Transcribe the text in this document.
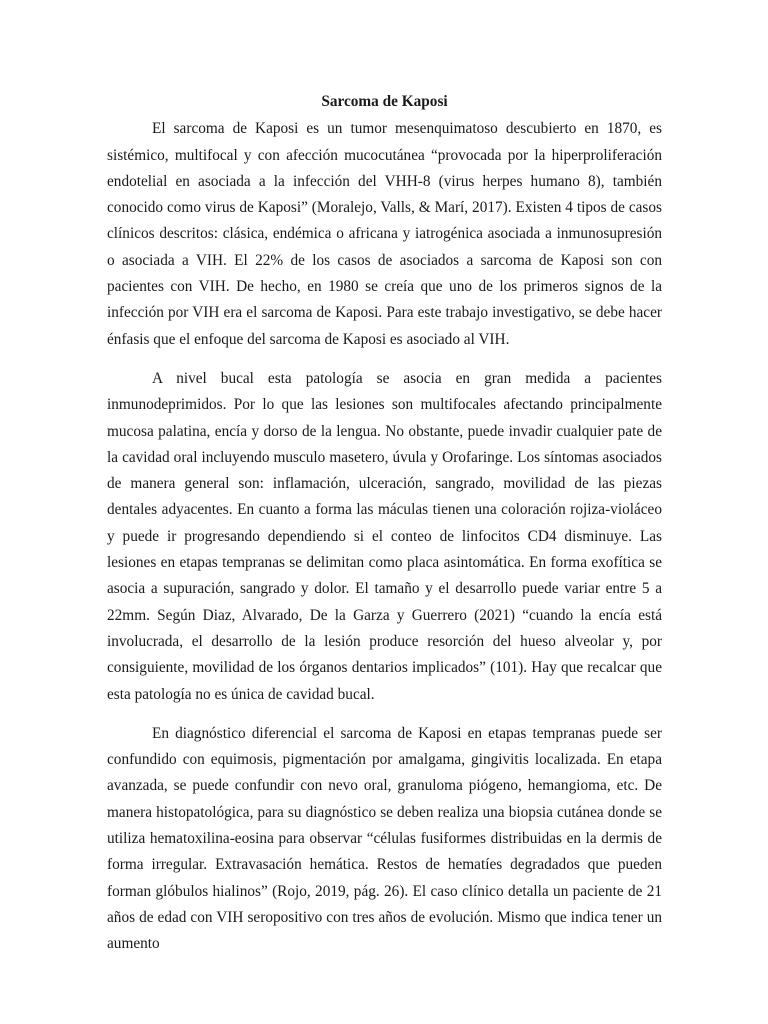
Sarcoma de Kaposi

El sarcoma de Kaposi es un tumor mesenquimatoso descubierto en 1870, es sistémico, multifocal y con afección mucocutánea “provocada por la hiperproliferación endotelial en asociada a la infección del VHH-8 (virus herpes humano 8), también conocido como virus de Kaposi” (Moralejo, Valls, & Marí, 2017). Existen 4 tipos de casos clínicos descritos: clásica, endémica o africana y iatrogénica asociada a inmunosupresión o asociada a VIH. El 22% de los casos de asociados a sarcoma de Kaposi son con pacientes con VIH. De hecho, en 1980 se creía que uno de los primeros signos de la infección por VIH era el sarcoma de Kaposi. Para este trabajo investigativo, se debe hacer énfasis que el enfoque del sarcoma de Kaposi es asociado al VIH.

A nivel bucal esta patología se asocia en gran medida a pacientes inmunodeprimidos. Por lo que las lesiones son multifocales afectando principalmente mucosa palatina, encía y dorso de la lengua. No obstante, puede invadir cualquier pate de la cavidad oral incluyendo musculo masetero, úvula y Orofaringe. Los síntomas asociados de manera general son: inflamación, ulceración, sangrado, movilidad de las piezas dentales adyacentes. En cuanto a forma las máculas tienen una coloración rojiza-violáceo y puede ir progresando dependiendo si el conteo de linfocitos CD4 disminuye. Las lesiones en etapas tempranas se delimitan como placa asintomática. En forma exofítica se asocia a supuración, sangrado y dolor. El tamaño y el desarrollo puede variar entre 5 a 22mm. Según Diaz, Alvarado, De la Garza y Guerrero (2021) “cuando la encía está involucrada, el desarrollo de la lesión produce resorción del hueso alveolar y, por consiguiente, movilidad de los órganos dentarios implicados” (101). Hay que recalcar que esta patología no es única de cavidad bucal.

En diagnóstico diferencial el sarcoma de Kaposi en etapas tempranas puede ser confundido con equimosis, pigmentación por amalgama, gingivitis localizada. En etapa avanzada, se puede confundir con nevo oral, granuloma piógeno, hemangioma, etc. De manera histopatológica, para su diagnóstico se deben realiza una biopsia cutánea donde se utiliza hematoxilina-eosina para observar “células fusiformes distribuidas en la dermis de forma irregular. Extravasación hemática. Restos de hematíes degradados que pueden forman glóbulos hialinos” (Rojo, 2019, pág. 26). El caso clínico detalla un paciente de 21 años de edad con VIH seropositivo con tres años de evolución. Mismo que indica tener un aumento
